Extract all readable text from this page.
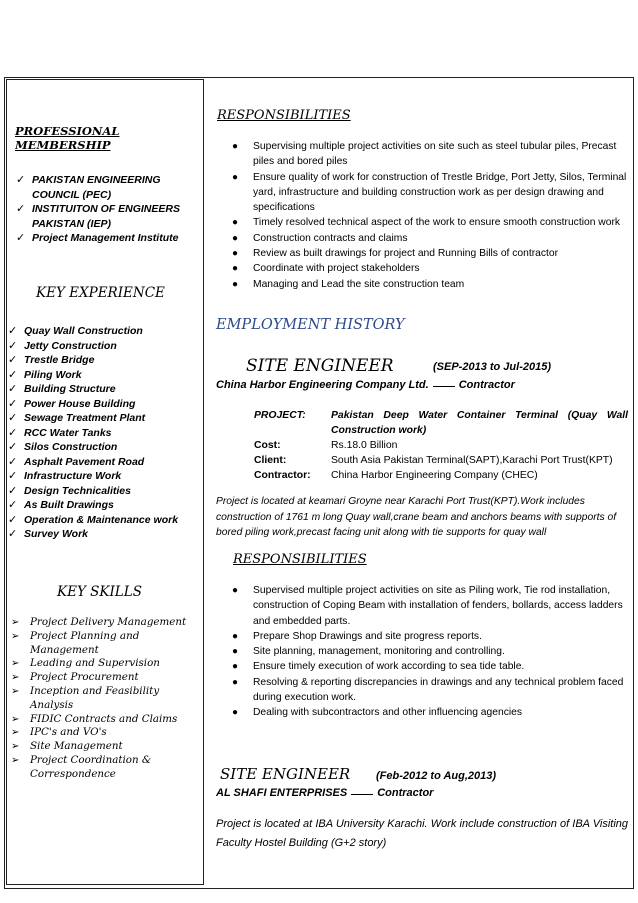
PROFESSIONAL MEMBERSHIP
✓ PAKISTAN ENGINEERING COUNCIL (PEC)
✓ INSTITUITON OF ENGINEERS PAKISTAN (IEP)
✓ Project Management Institute
KEY EXPERIENCE
✓ Quay Wall Construction
✓ Jetty Construction
✓ Trestle Bridge
✓ Piling Work
✓ Building Structure
✓ Power House Building
✓ Sewage Treatment Plant
✓ RCC Water Tanks
✓ Silos Construction
✓ Asphalt Pavement Road
✓ Infrastructure Work
✓ Design Technicalities
✓ As Built Drawings
✓ Operation & Maintenance work
✓ Survey Work
KEY SKILLS
➢ Project Delivery Management
➢ Project Planning and Management
➢ Leading and Supervision
➢ Project Procurement
➢ Inception and Feasibility Analysis
➢ FIDIC Contracts and Claims
➢ IPC's and VO's
➢ Site Management
➢ Project Coordination & Correspondence
RESPONSIBILITIES
● Supervising multiple project activities on site such as steel tubular piles, Precast piles and bored piles
● Ensure quality of work for construction of Trestle Bridge, Port Jetty, Silos, Terminal yard, infrastructure and building construction work as per design drawing and specifications
● Timely resolved technical aspect of the work to ensure smooth construction work
● Construction contracts and claims
● Review as built drawings for project and Running Bills of contractor
● Coordinate with project stakeholders
● Managing and Lead the site construction team
EMPLOYMENT HISTORY
SITE ENGINEER	(SEP-2013 to Jul-2015)
China Harbor Engineering Company Ltd.	Contractor
PROJECT: Pakistan Deep Water Container Terminal (Quay Wall Construction work)
Cost:	Rs.18.0 Billion
Client:	South Asia Pakistan Terminal(SAPT),Karachi Port Trust(KPT)
Contractor: China Harbor Engineering Company (CHEC)
Project is located at keamari Groyne near Karachi Port Trust(KPT).Work includes construction of 1761 m long Quay wall,crane beam and anchors beams with supports of bored piling work,precast facing unit along with tie supports for quay wall
RESPONSIBILITIES
● Supervised multiple project activities on site as Piling work, Tie rod installation, construction of Coping Beam with installation of fenders, bollards, access ladders and embedded parts.
● Prepare Shop Drawings and site progress reports.
● Site planning, management, monitoring and controlling.
● Ensure timely execution of work according to sea tide table.
● Resolving & reporting discrepancies in drawings and any technical problem faced during execution work.
● Dealing with subcontractors and other influencing agencies
SITE ENGINEER (Feb-2012 to Aug,2013)
AL SHAFI ENTERPRISES	Contractor
Project is located at IBA University Karachi. Work include construction of IBA Visiting Faculty Hostel Building (G+2 story)
